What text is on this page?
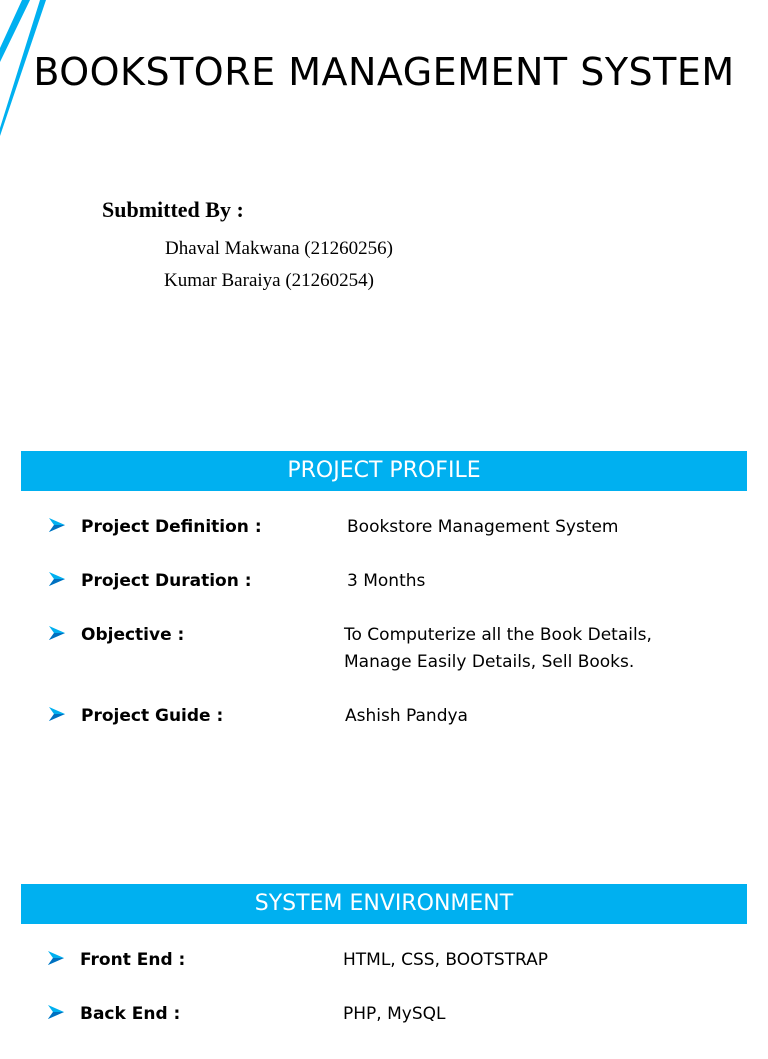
BOOKSTORE MANAGEMENT SYSTEM
Submitted By :
Dhaval Makwana (21260256)
Kumar Baraiya (21260254)
PROJECT PROFILE
Project Definition :	Bookstore Management System
Project Duration :	3 Months
Objective :	To Computerize all the Book Details,
Manage Easily Details, Sell Books.
Project Guide :	Ashish Pandya
SYSTEM ENVIRONMENT
Front End :	HTML, CSS, BOOTSTRAP
Back End :	PHP, MySQL
